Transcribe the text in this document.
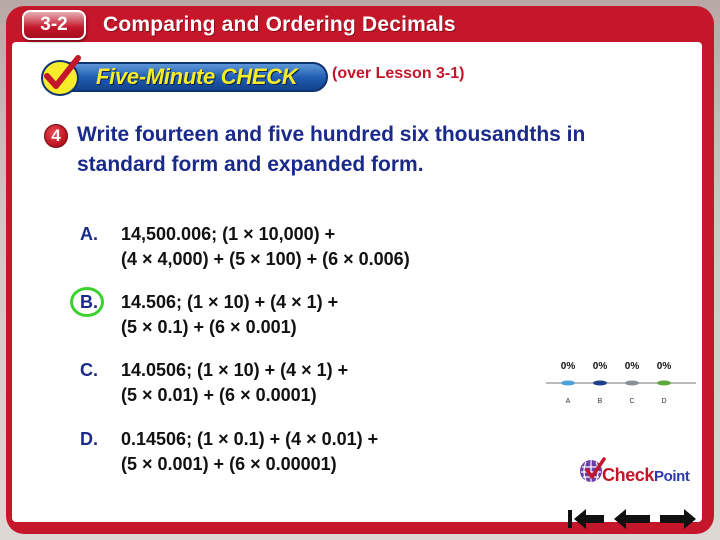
3-2	Comparing and Ordering Decimals
Five-Minute CHECK (over Lesson 3-1)
4 Write fourteen and five hundred six thousandths in standard form and expanded form.
A. 14,500.006; (1 × 10,000) +
(4 × 4,000) + (5 × 100) + (6 × 0.006)
B. 14.506; (1 × 10) + (4 × 1) +
(5 × 0.1) + (6 × 0.001)
C. 14.0506; (1 × 10) + (4 × 1) +
(5 × 0.01) + (6 × 0.0001)
D. 0.14506; (1 × 0.1) + (4 × 0.01) +
(5 × 0.001) + (6 × 0.00001)
0%
A
0%
B
0%
C
0%
D
CheckPoint
